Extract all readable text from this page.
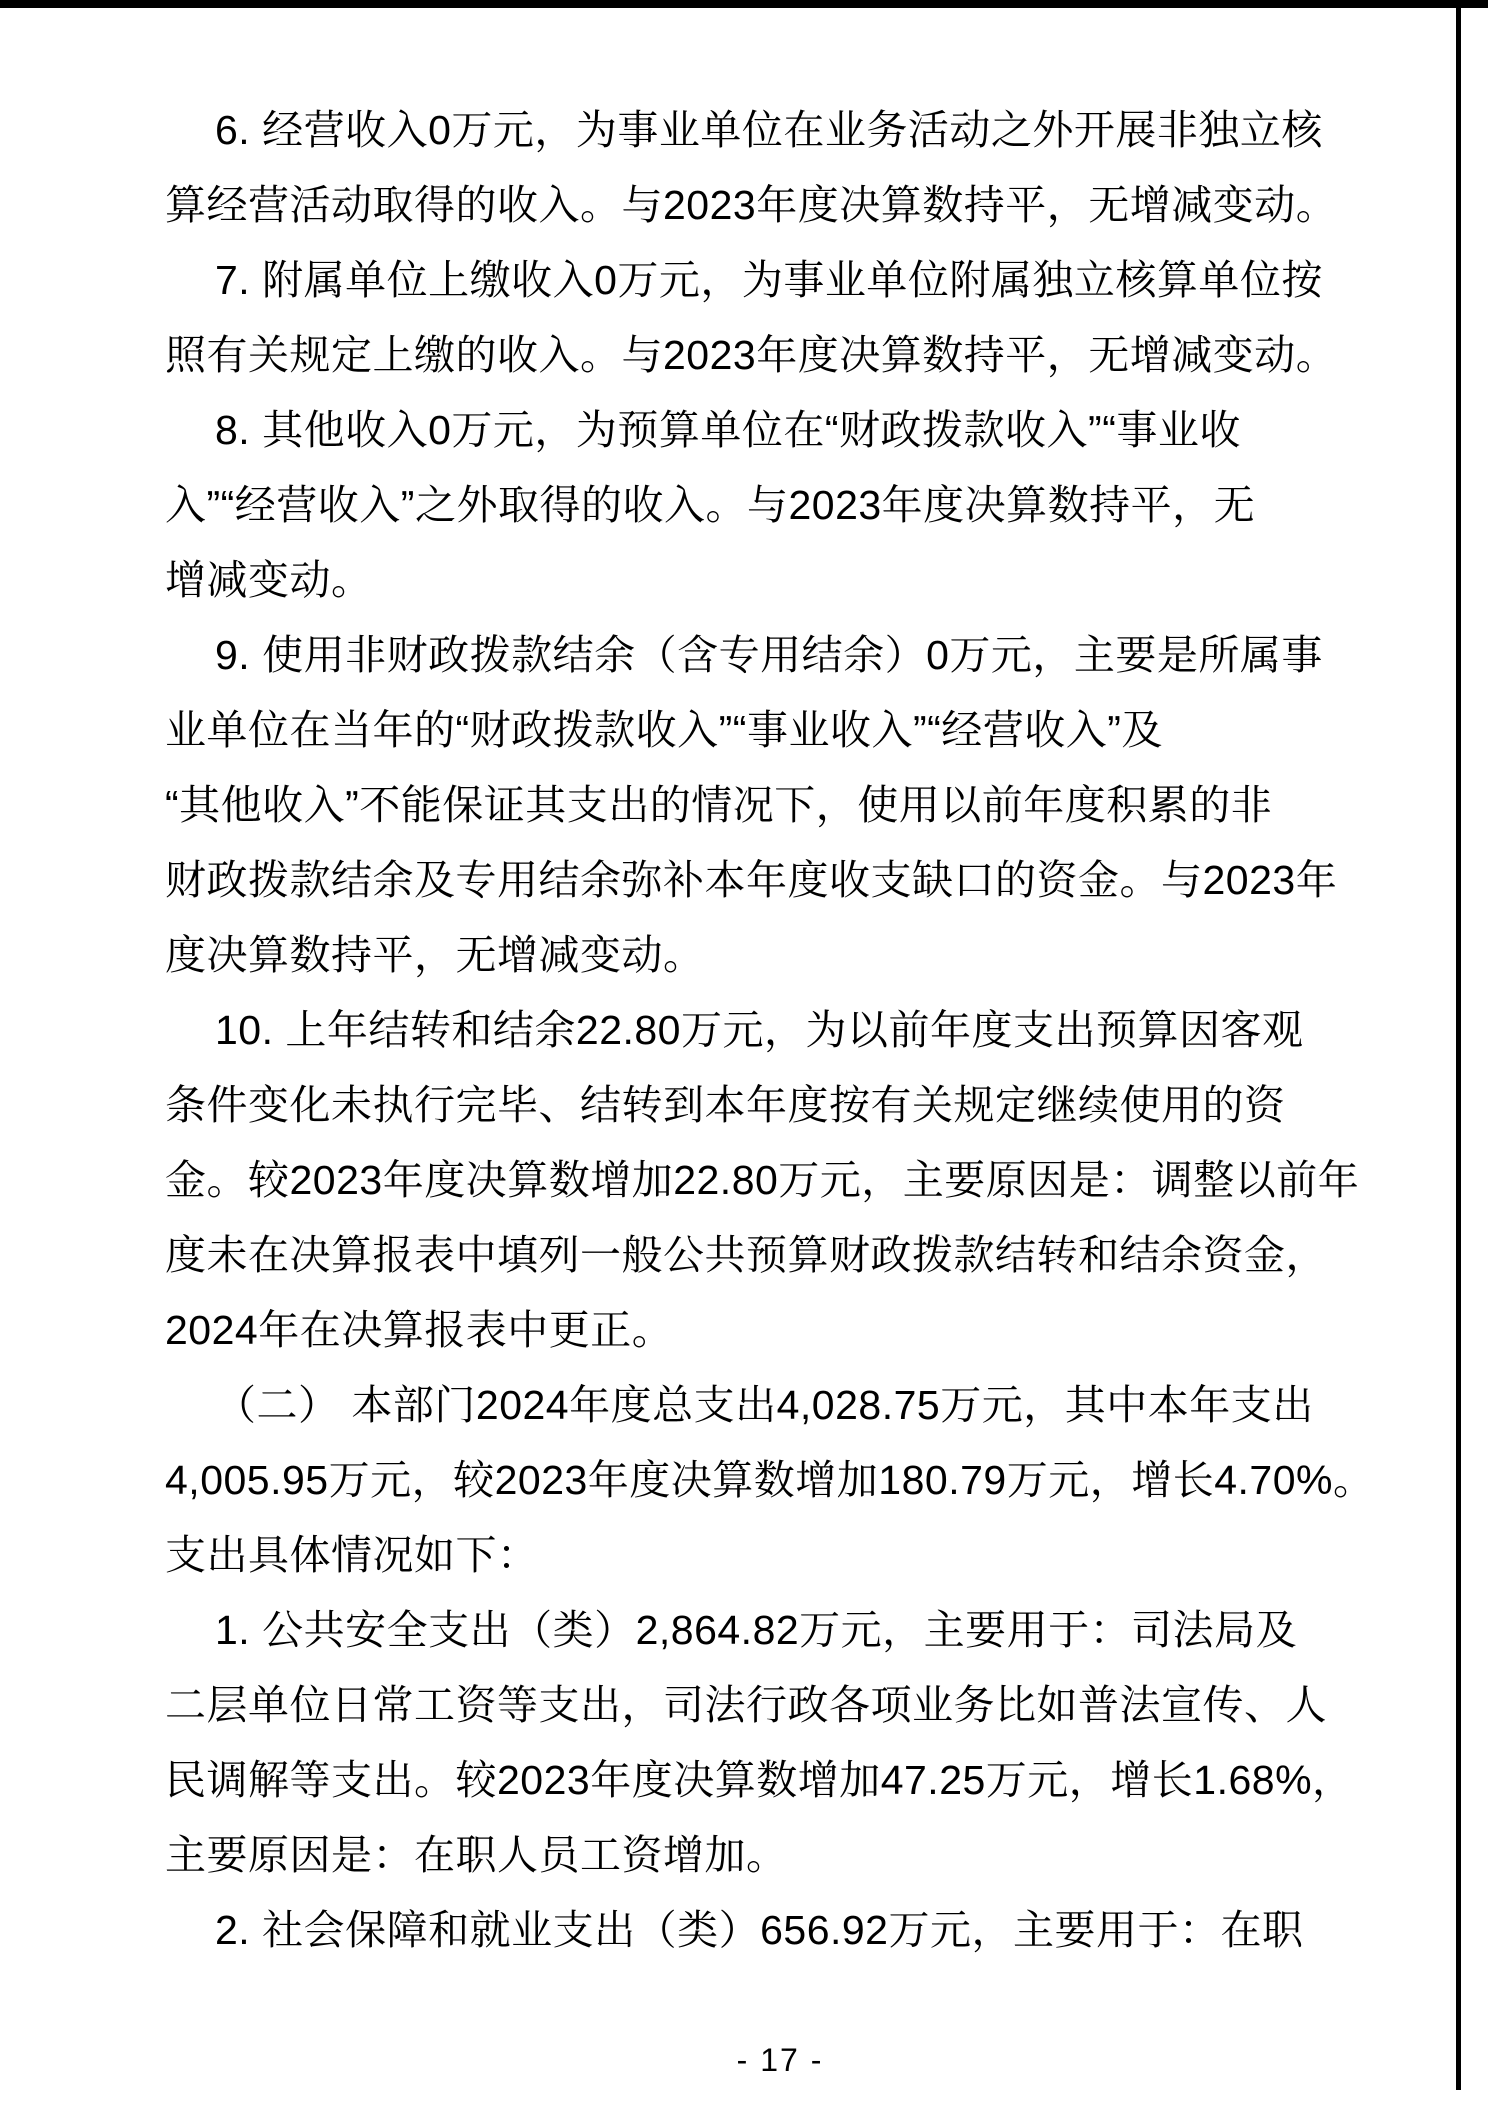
6. 经营收入0万元，为事业单位在业务活动之外开展非独立核
算经营活动取得的收入。与2023年度决算数持平，无增减变动。

7. 附属单位上缴收入0万元，为事业单位附属独立核算单位按
照有关规定上缴的收入。与2023年度决算数持平，无增减变动。

8. 其他收入0万元，为预算单位在“财政拨款收入”“事业收
入”“经营收入”之外取得的收入。与2023年度决算数持平，无
增减变动。

9. 使用非财政拨款结余（含专用结余）0万元，主要是所属事
业单位在当年的“财政拨款收入”“事业收入”“经营收入”及
“其他收入”不能保证其支出的情况下，使用以前年度积累的非
财政拨款结余及专用结余弥补本年度收支缺口的资金。与2023年
度决算数持平，无增减变动。

10. 上年结转和结余22.80万元，为以前年度支出预算因客观
条件变化未执行完毕、结转到本年度按有关规定继续使用的资
金。较2023年度决算数增加22.80万元，主要原因是：调整以前年
度未在决算报表中填列一般公共预算财政拨款结转和结余资金，
2024年在决算报表中更正。

（二） 本部门2024年度总支出4,028.75万元，其中本年支出
4,005.95万元，较2023年度决算数增加180.79万元，增长4.70%。
支出具体情况如下：

1. 公共安全支出（类）2,864.82万元，主要用于：司法局及
二层单位日常工资等支出，司法行政各项业务比如普法宣传、人
民调解等支出。较2023年度决算数增加47.25万元，增长1.68%，
主要原因是：在职人员工资增加。

2. 社会保障和就业支出（类）656.92万元，主要用于：在职

- 17 -
